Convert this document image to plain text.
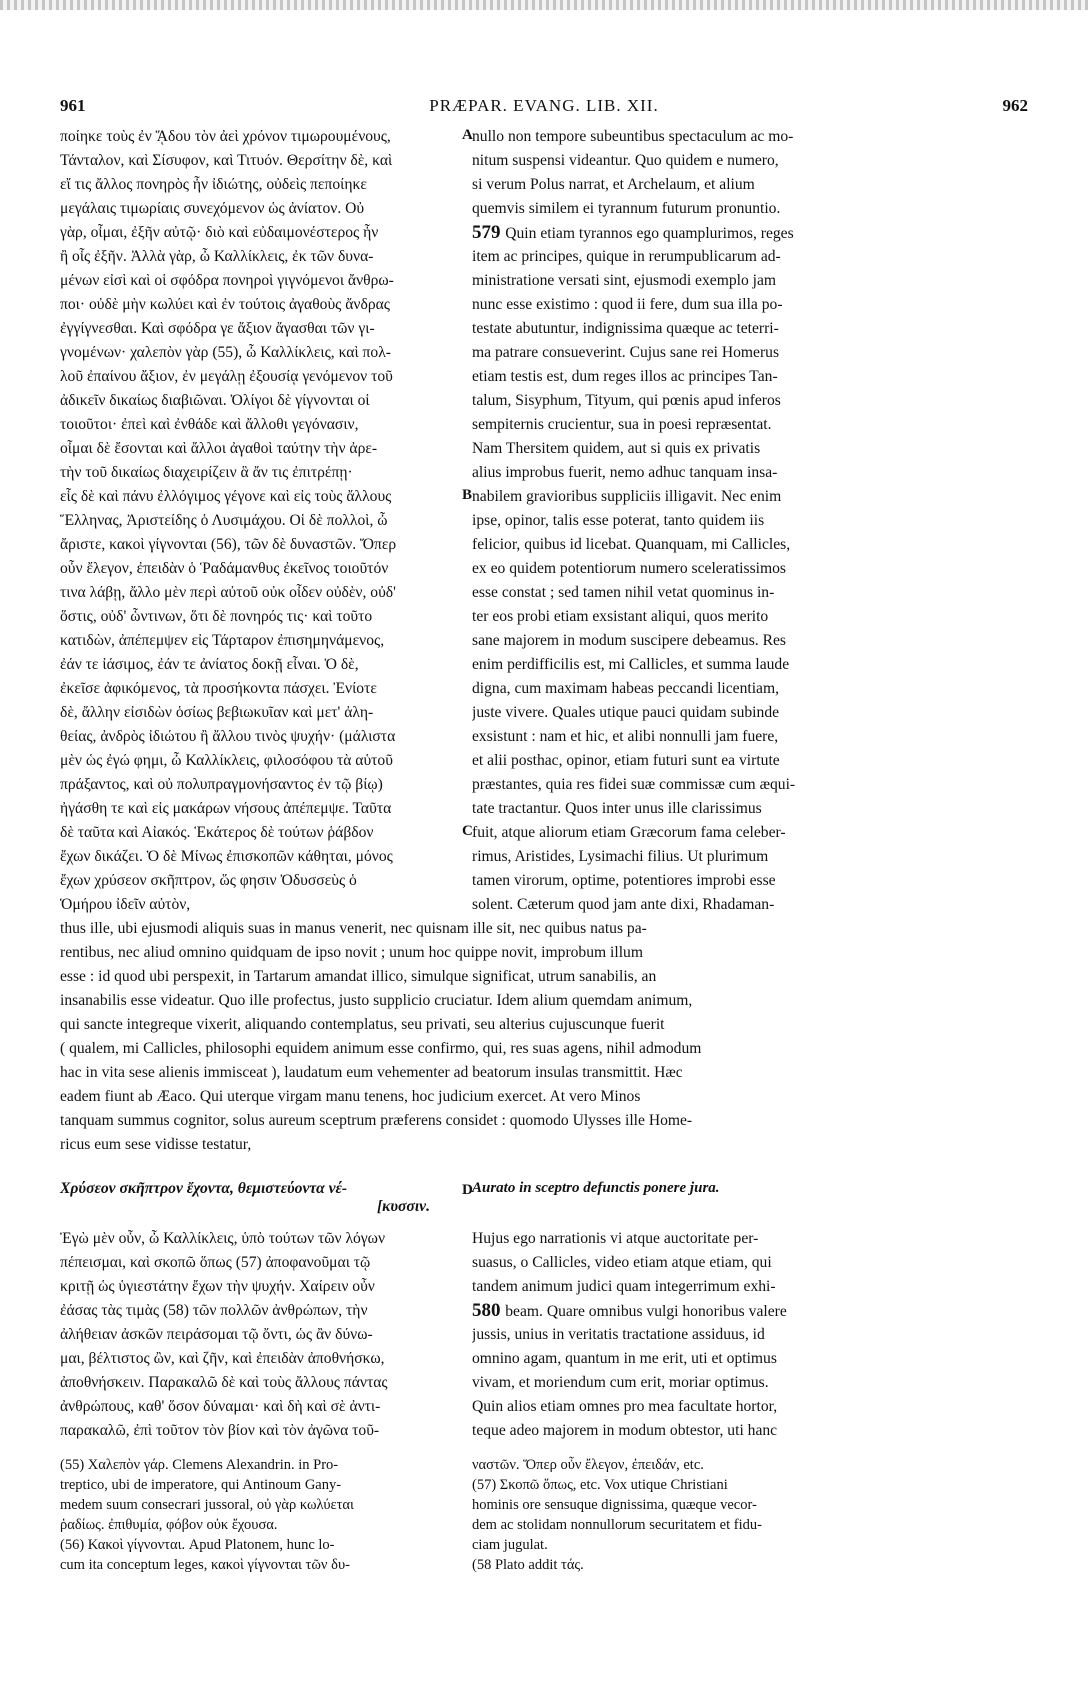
961	PRÆPAR. EVANG. LIB. XII.	962
ποίηκε τοὺς ἐν ᾍδου τὸν ἀεὶ χρόνον τιμωρουμένους,
Τάνταλον, καὶ Σίσυφον, καὶ Τιτυόν. Θερσίτην δὲ, καὶ
εἴ τις ἄλλος πονηρὸς ἦν ἰδιώτης, οὐδεὶς πεποίηκε
μεγάλαις τιμωρίαις συνεχόμενον ὡς ἀνίατον. Οὐ
γὰρ, οἶμαι, ἐξῆν αὐτῷ· διὸ καὶ εὐδαιμονέστερος ἦν
ἢ οἷς ἐξῆν. Ἀλλὰ γὰρ, ὦ Καλλίκλεις, ἐκ τῶν δυνα-
μένων εἰσὶ καὶ οἱ σφόδρα πονηροὶ γιγνόμενοι ἄνθρω-
ποι· οὐδὲ μὴν κωλύει καὶ ἐν τούτοις ἀγαθοὺς ἄνδρας
ἐγγίγνεσθαι. Καὶ σφόδρα γε ἄξιον ἄγασθαι τῶν γι-
γνομένων· χαλεπὸν γὰρ (55), ὦ Καλλίκλεις, καὶ πολ-
λοῦ ἐπαίνου ἄξιον, ἐν μεγάλῃ ἐξουσίᾳ γενόμενον τοῦ
ἀδικεῖν δικαίως διαβιῶναι. Ὀλίγοι δὲ γίγνονται οἱ
τοιοῦτοι· ἐπεὶ καὶ ἐνθάδε καὶ ἄλλοθι γεγόνασιν,
οἶμαι δὲ ἔσονται καὶ ἄλλοι ἀγαθοὶ ταύτην τὴν ἀρε-
τὴν τοῦ δικαίως διαχειρίζειν ἃ ἄν τις ἐπιτρέπῃ·
εἷς δὲ καὶ πάνυ ἐλλόγιμος γέγονε καὶ εἰς τοὺς ἄλλους
Ἕλληνας, Ἀριστείδης ὁ Λυσιμάχου. Οἱ δὲ πολλοὶ, ὦ
ἄριστε, κακοὶ γίγνονται (56), τῶν δὲ δυναστῶν. Ὅπερ
οὖν ἔλεγον, ἐπειδὰν ὁ Ῥαδάμανθυς ἐκεῖνος τοιοῦτόν
τινα λάβῃ, ἄλλο μὲν περὶ αὐτοῦ οὐκ οἶδεν οὐδὲν, οὐδ'
ὅστις, οὐδ' ὧντινων, ὅτι δὲ πονηρός τις· καὶ τοῦτο
κατιδὼν, ἀπέπεμψεν εἰς Τάρταρον ἐπισημηνάμενος,
ἐάν τε ἰάσιμος, ἐάν τε ἀνίατος δοκῇ εἶναι. Ὁ δὲ,
ἐκεῖσε ἀφικόμενος, τὰ προσήκοντα πάσχει. Ἐνίοτε
δὲ, ἄλλην εἰσιδὼν ὁσίως βεβιωκυῖαν καὶ μετ' ἀλη-
θείας, ἀνδρὸς ἰδιώτου ἢ ἄλλου τινὸς ψυχήν· (μάλιστα
μὲν ὡς ἐγώ φημι, ὦ Καλλίκλεις, φιλοσόφου τὰ αὑτοῦ
πράξαντος, καὶ οὐ πολυπραγμονήσαντος ἐν τῷ βίῳ)
ἠγάσθη τε καὶ εἰς μακάρων νήσους ἀπέπεμψε. Ταῦτα
δὲ ταῦτα καὶ Αἰακός. Ἑκάτερος δὲ τούτων ῥάβδον
ἔχων δικάζει. Ὁ δὲ Μίνως ἐπισκοπῶν κάθηται, μόνος
ἔχων χρύσεον σκῆπτρον, ὥς φησιν Ὀδυσσεὺς ὁ
Ὁμήρου ἰδεῖν αὐτὸν,
nullo non tempore subeuntibus spectaculum ac mo-
nitum suspensi videantur. Quo quidem e numero,
si verum Polus narrat, et Archelaum, et alium
quemvis similem ei tyrannum futurum pronuntio.
579 Quin etiam tyrannos ego quamplurimos, reges
item ac principes, quique in rerumpublicarum ad-
ministratione versati sint, ejusmodi exemplo jam
nunc esse existimo : quod ii fere, dum sua illa po-
testate abutuntur, indignissima quæque ac teterri-
ma patrare consueverint. Cujus sane rei Homerus
etiam testis est, dum reges illos ac principes Tan-
talum, Sisyphum, Tityum, qui pœnis apud inferos
sempiternis crucientur, sua in poesi repræsentat.
Nam Thersitem quidem, aut si quis ex privatis
alius improbus fuerit, nemo adhuc tanquam insa-
nabilem gravioribus suppliciis illigavit. Nec enim
ipse, opinor, talis esse poterat, tanto quidem iis
felicior, quibus id licebat. Quanquam, mi Callicles,
ex eo quidem potentiorum numero sceleratissimos
esse constat ; sed tamen nihil vetat quominus in-
ter eos probi etiam exsistant aliqui, quos merito
sane majorem in modum suscipere debeamus. Res
enim perdifficilis est, mi Callicles, et summa laude
digna, cum maximam habeas peccandi licentiam,
juste vivere. Quales utique pauci quidam subinde
exsistunt : nam et hic, et alibi nonnulli jam fuere,
et alii posthac, opinor, etiam futuri sunt ea virtute
præstantes, quia res fidei suæ commissæ cum æqui-
tate tractantur. Quos inter unus ille clarissimus
fuit, atque aliorum etiam Græcorum fama celeber-
rimus, Aristides, Lysimachi filius. Ut plurimum
tamen virorum, optime, potentiores improbi esse
solent. Cæterum quod jam ante dixi, Rhadaman-
A
B
C
D
thus ille, ubi ejusmodi aliquis suas in manus venerit, nec quisnam ille sit, nec quibus natus pa-
rentibus, nec aliud omnino quidquam de ipso novit ; unum hoc quippe novit, improbum illum
esse : id quod ubi perspexit, in Tartarum amandat illico, simulque significat, utrum sanabilis, an
insanabilis esse videatur. Quo ille profectus, justo supplicio cruciatur. Idem alium quemdam animum,
qui sancte integreque vixerit, aliquando contemplatus, seu privati, seu alterius cujuscunque fuerit
( qualem, mi Callicles, philosophi equidem animum esse confirmo, qui, res suas agens, nihil admodum
hac in vita sese alienis immisceat ), laudatum eum vehementer ad beatorum insulas transmittit. Hæc
eadem fiunt ab Æaco. Qui uterque virgam manu tenens, hoc judicium exercet. At vero Minos
tanquam summus cognitor, solus aureum sceptrum præferens considet : quomodo Ulysses ille Home-
ricus eum sese vidisse testatur,
Χρύσεον σκῆπτρον ἔχοντα, θεμιστεύοντα νέ-
[κυσσιν.
Aurato in sceptro defunctis ponere jura.
Ἐγὼ μὲν οὖν, ὦ Καλλίκλεις, ὑπὸ τούτων τῶν λόγων
πέπεισμαι, καὶ σκοπῶ ὅπως (57) ἀποφανοῦμαι τῷ
κριτῇ ὡς ὑγιεστάτην ἔχων τὴν ψυχήν. Χαίρειν οὖν
ἐάσας τὰς τιμὰς (58) τῶν πολλῶν ἀνθρώπων, τὴν
ἀλήθειαν ἀσκῶν πειράσομαι τῷ ὄντι, ὡς ἂν δύνω-
μαι, βέλτιστος ὢν, καὶ ζῆν, καὶ ἐπειδὰν ἀποθνήσκω,
ἀποθνήσκειν. Παρακαλῶ δὲ καὶ τοὺς ἄλλους πάντας
ἀνθρώπους, καθ' ὅσον δύναμαι· καὶ δὴ καὶ σὲ ἀντι-
παρακαλῶ, ἐπὶ τοῦτον τὸν βίον καὶ τὸν ἀγῶνα τοῦ-
Hujus ego narrationis vi atque auctoritate per-
suasus, o Callicles, video etiam atque etiam, qui
tandem animum judici quam integerrimum exhi-
580 beam. Quare omnibus vulgi honoribus valere
jussis, unius in veritatis tractatione assiduus, id
omnino agam, quantum in me erit, uti et optimus
vivam, et moriendum cum erit, moriar optimus.
Quin alios etiam omnes pro mea facultate hortor,
teque adeo majorem in modum obtestor, uti hanc
(55) Χαλεπὸν γάρ. Clemens Alexandrin. in Pro-
treptico, ubi de imperatore, qui Antinoum Gany-
medem suum consecrari jussoral, οὐ γὰρ κωλύεται
ῥαδίως. ἐπιθυμία, φόβον οὐκ ἔχουσα.
(56) Κακοὶ γίγνονται. Apud Platonem, hunc lo-
cum ita conceptum leges, κακοὶ γίγνονται τῶν δυ-
ναστῶν. Ὅπερ οὖν ἔλεγον, ἐπειδάν, etc.
(57) Σκοπῶ ὅπως, etc. Vox utique Christiani
hominis ore sensuque dignissima, quæque vecor-
dem ac stolidam nonnullorum securitatem et fidu-
ciam jugulat.
(58 Plato addit τάς.
